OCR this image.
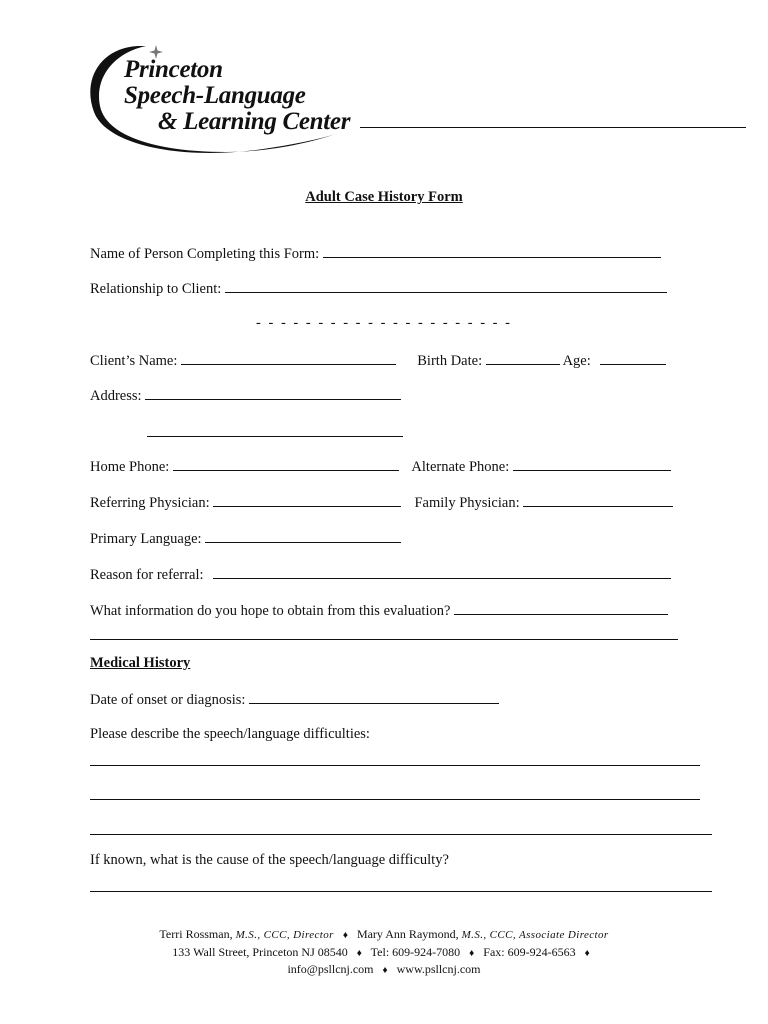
Princeton
Speech-Language
& Learning Center
Adult Case History Form
Name of Person Completing this Form:
Relationship to Client:
- - - - - - - - - - - - - - - - - - - - -
Client’s Name:	Birth Date:	Age:
Address:
Home Phone:	Alternate Phone:
Referring Physician:	Family Physician:
Primary Language:
Reason for referral:
What information do you hope to obtain from this evaluation?
Medical History
Date of onset or diagnosis:
Please describe the speech/language difficulties:
If known, what is the cause of the speech/language difficulty?
Terri Rossman, M.S., CCC, Director ♦ Mary Ann Raymond, M.S., CCC, Associate Director
133 Wall Street, Princeton NJ 08540 ♦ Tel: 609-924-7080 ♦ Fax: 609-924-6563 ♦
info@psllcnj.com ♦ www.psllcnj.com
